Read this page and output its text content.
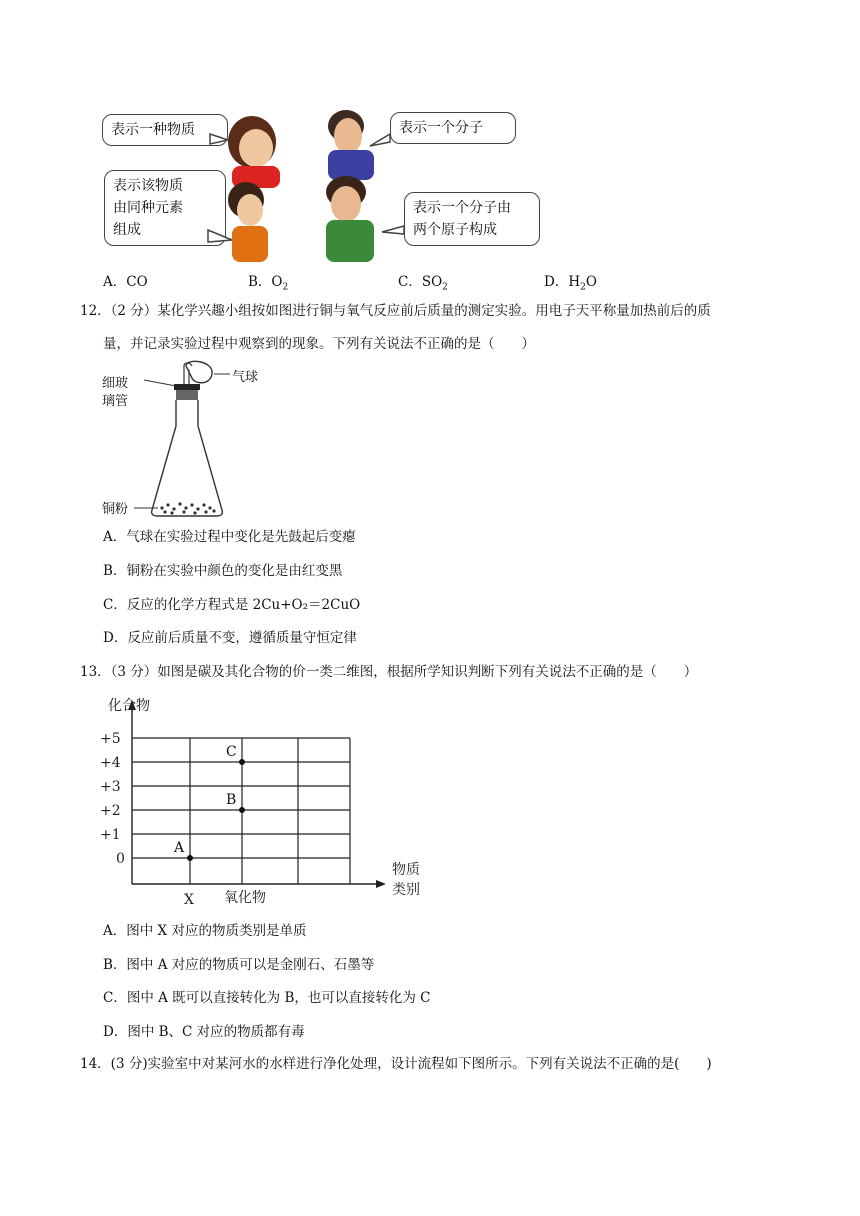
表示一种物质	表示一个分子
表示该物质
由同种元素
组成
表示一个分子由
两个原子构成
A．CO	B．$O_2$	C．$SO_2$	D．$H_2O$
12．（2 分）某化学兴趣小组按如图进行铜与氧气反应前后质量的测定实验。用电子天平称量加热前后的质
量，并记录实验过程中观察到的现象。下列有关说法不正确的是（　　）
细玻
璃管
气球
铜粉
A．气球在实验过程中变化是先鼓起后变瘪
B．铜粉在实验中颜色的变化是由红变黑
C．反应的化学方程式是 2Cu+O₂＝2CuO
D．反应前后质量不变，遵循质量守恒定律
13．（3 分）如图是碳及其化合物的价一类二维图，根据所学知识判断下列有关说法不正确的是（　　）
化合物
+5
+4
+3
+2
+1
0
X 氧化物
物质
类别
A
B
C
A．图中 X 对应的物质类别是单质
B．图中 A 对应的物质可以是金刚石、石墨等
C．图中 A 既可以直接转化为 B，也可以直接转化为 C
D．图中 B、C 对应的物质都有毒
14．(3 分)实验室中对某河水的水样进行净化处理，设计流程如下图所示。下列有关说法不正确的是(　　)
